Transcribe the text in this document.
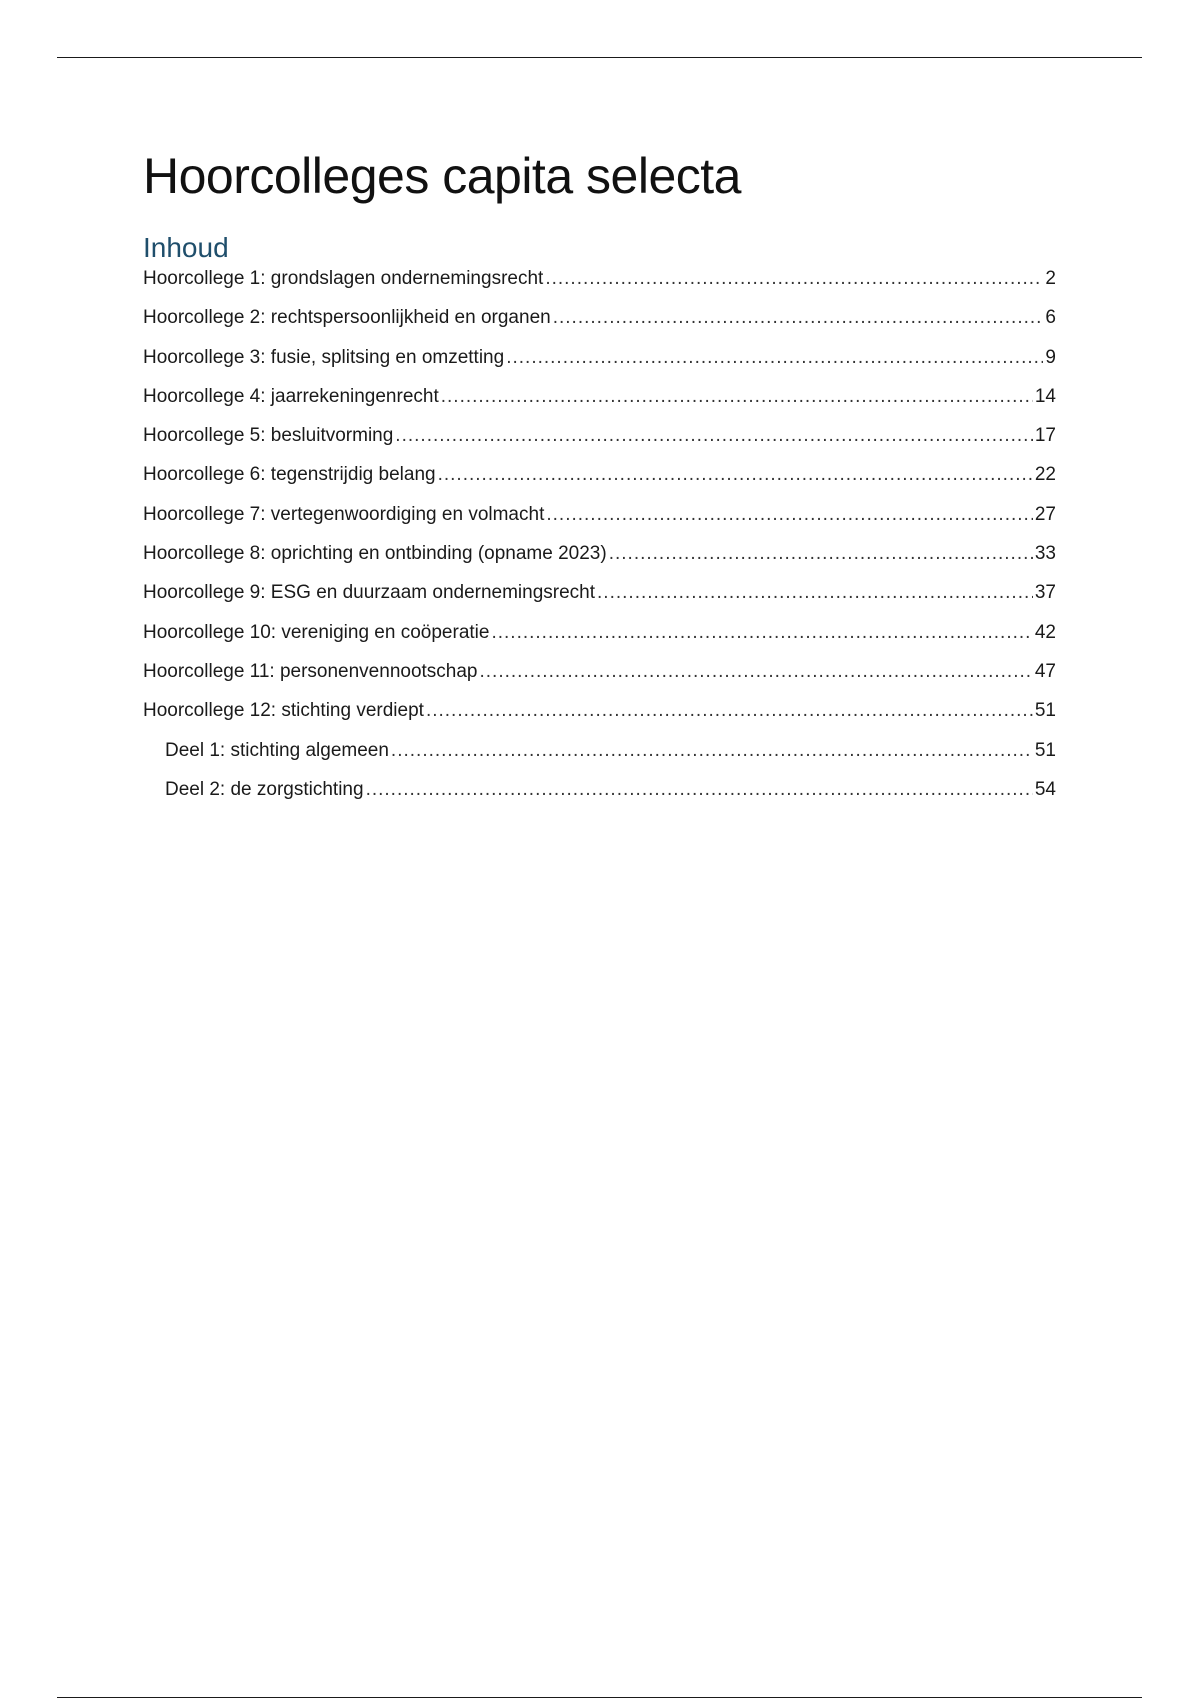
Hoorcolleges capita selecta
Inhoud
Hoorcollege 1: grondslagen ondernemingsrecht .....	2
Hoorcollege 2: rechtspersoonlijkheid en organen .....	6
Hoorcollege 3: fusie, splitsing en omzetting .....	9
Hoorcollege 4: jaarrekeningenrecht .....	14
Hoorcollege 5: besluitvorming .....	17
Hoorcollege 6: tegenstrijdig belang .....	22
Hoorcollege 7: vertegenwoordiging en volmacht .....	27
Hoorcollege 8: oprichting en ontbinding (opname 2023) .....	33
Hoorcollege 9: ESG en duurzaam ondernemingsrecht .....	37
Hoorcollege 10: vereniging en coöperatie .....	42
Hoorcollege 11: personenvennootschap .....	47
Hoorcollege 12: stichting verdiept .....	51
Deel 1: stichting algemeen .....	51
Deel 2: de zorgstichting .....	54
